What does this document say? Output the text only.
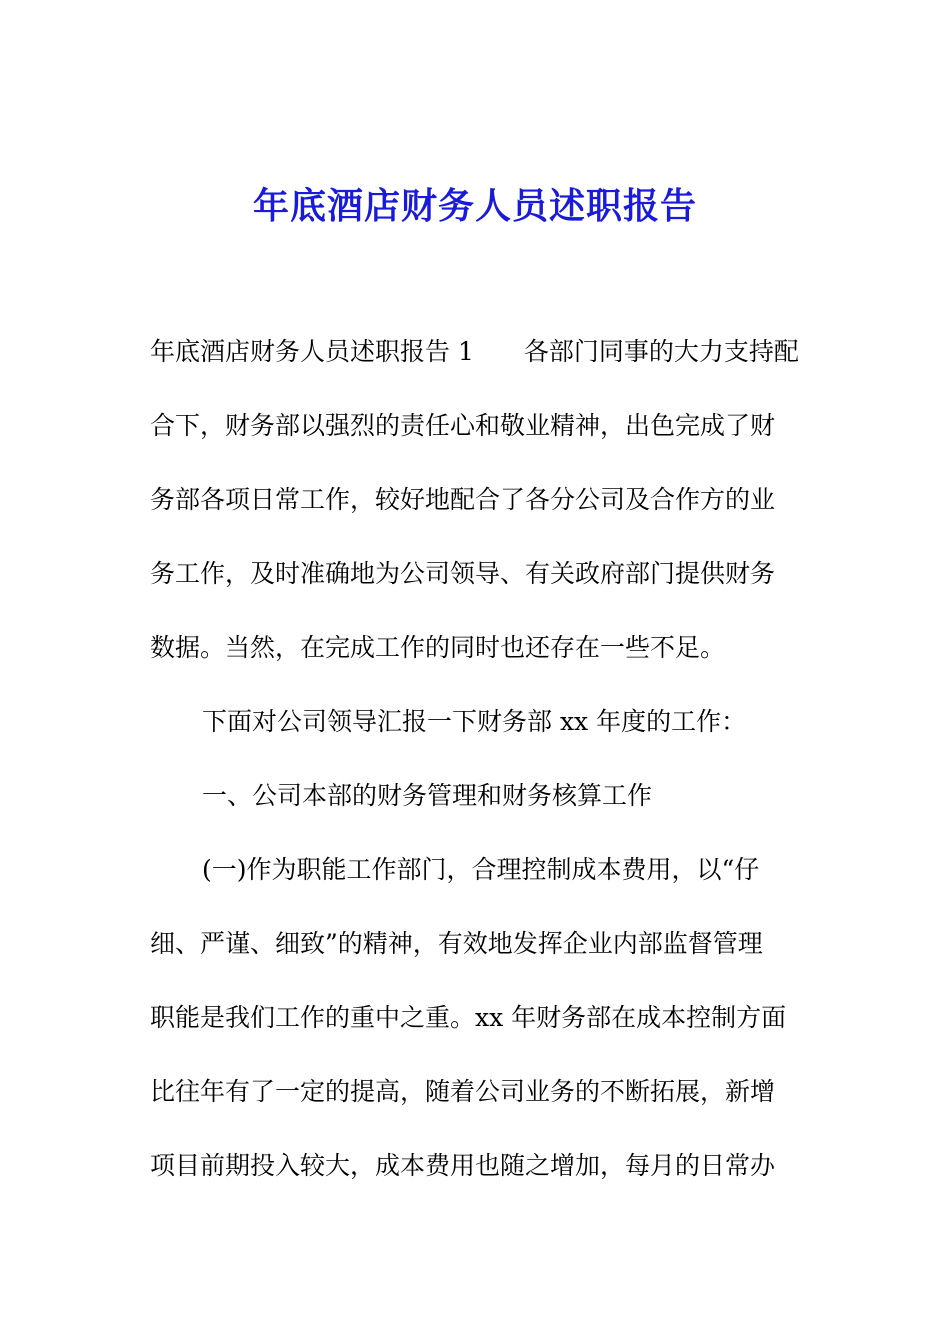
年底酒店财务人员述职报告

年底酒店财务人员述职报告 1　　各部门同事的大力支持配

合下，财务部以强烈的责任心和敬业精神，出色完成了财

务部各项日常工作，较好地配合了各分公司及合作方的业

务工作，及时准确地为公司领导、有关政府部门提供财务

数据。当然，在完成工作的同时也还存在一些不足。

下面对公司领导汇报一下财务部 xx 年度的工作：

一、公司本部的财务管理和财务核算工作

(一)作为职能工作部门，合理控制成本费用，以“仔

细、严谨、细致”的精神，有效地发挥企业内部监督管理

职能是我们工作的重中之重。xx 年财务部在成本控制方面

比往年有了一定的提高，随着公司业务的不断拓展，新增

项目前期投入较大，成本费用也随之增加，每月的日常办
